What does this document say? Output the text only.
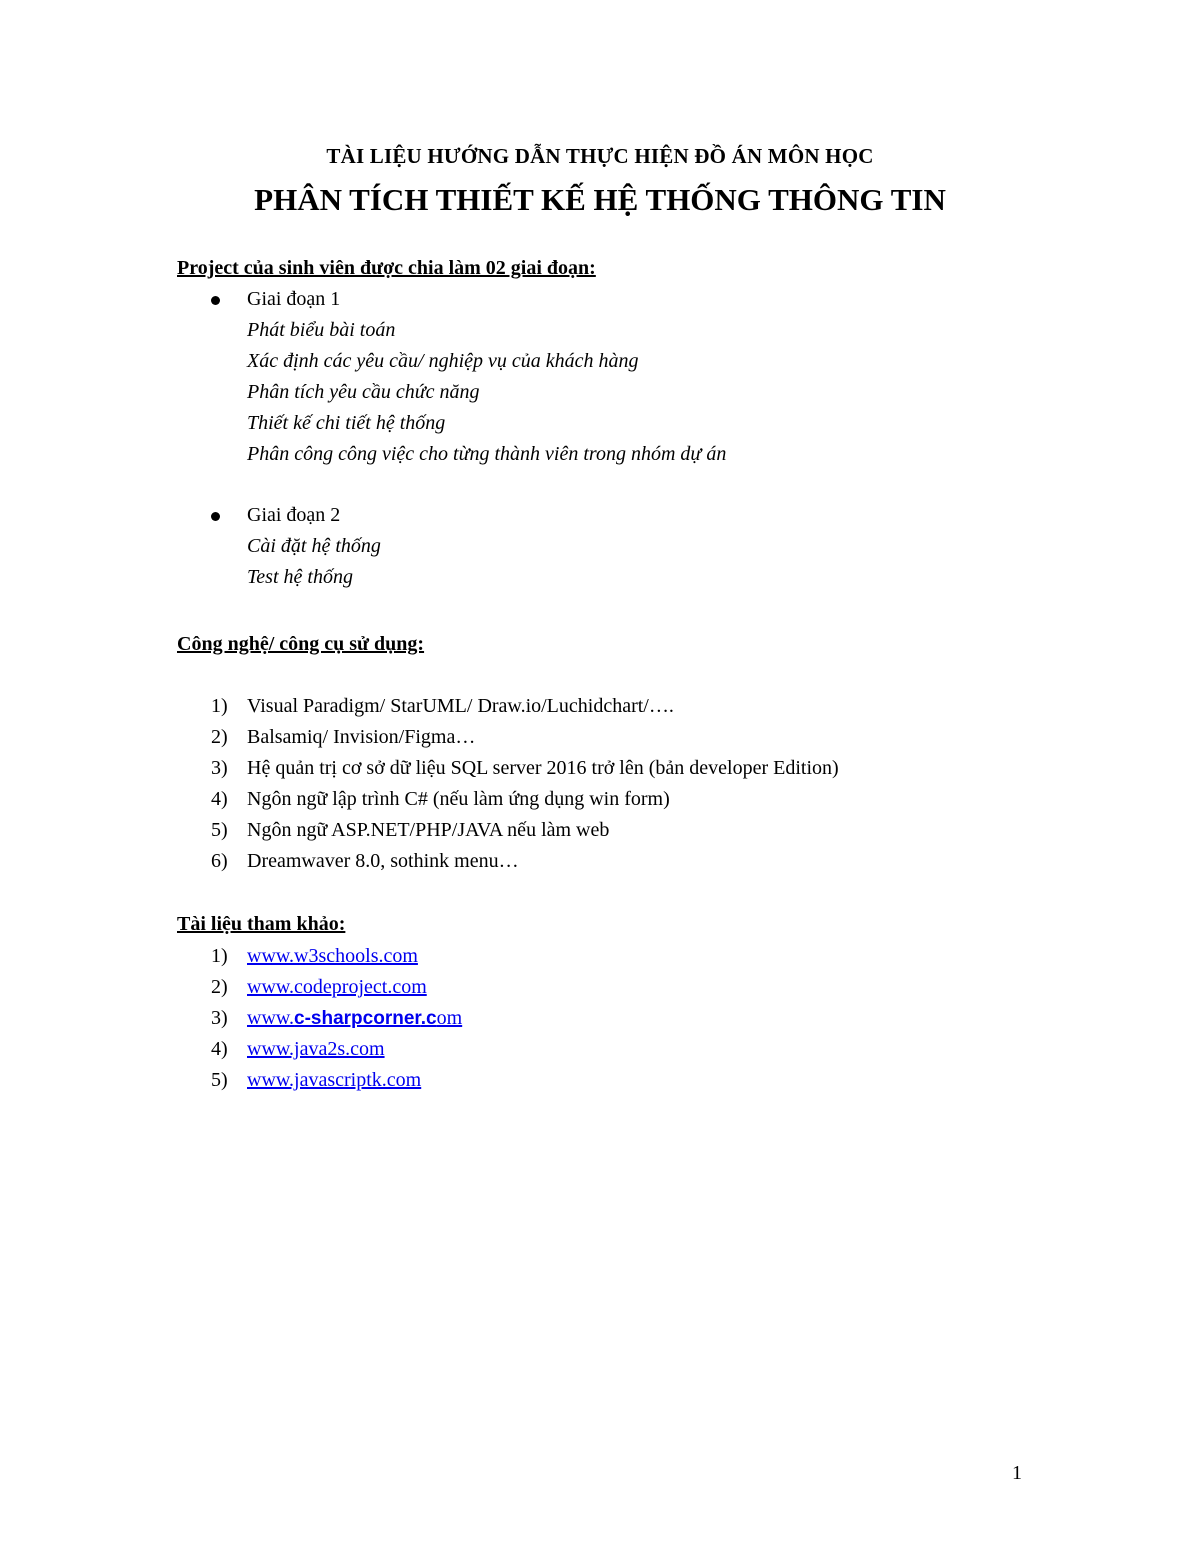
TÀI LIỆU HƯỚNG DẪN THỰC HIỆN ĐỒ ÁN MÔN HỌC
PHÂN TÍCH THIẾT KẾ HỆ THỐNG THÔNG TIN
Project của sinh viên được chia làm 02 giai đoạn:
Giai đoạn 1
Phát biểu bài toán
Xác định các yêu cầu/ nghiệp vụ của khách hàng
Phân tích yêu cầu chức năng
Thiết kế chi tiết hệ thống
Phân công công việc cho từng thành viên trong nhóm dự án
Giai đoạn 2
Cài đặt hệ thống
Test hệ thống
Công nghệ/ công cụ sử dụng:
1) Visual Paradigm/ StarUML/ Draw.io/Luchidchart/….
2) Balsamiq/ Invision/Figma…
3) Hệ quản trị cơ sở dữ liệu SQL server 2016 trở lên (bản developer Edition)
4) Ngôn ngữ lập trình C# (nếu làm ứng dụng win form)
5) Ngôn ngữ ASP.NET/PHP/JAVA nếu làm web
6) Dreamwaver 8.0, sothink menu…
Tài liệu tham khảo:
1) www.w3schools.com
2) www.codeproject.com
3) www.c-sharpcorner.com
4) www.java2s.com
5) www.javascriptk.com
1
